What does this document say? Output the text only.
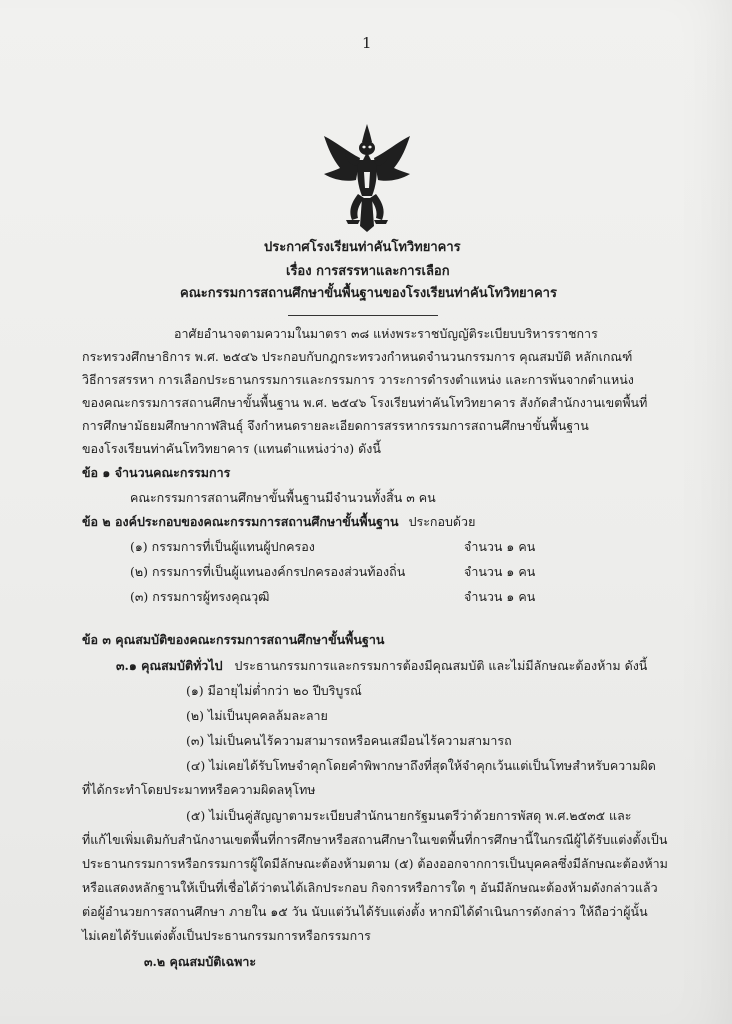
1
ประกาศโรงเรียนท่าคันโทวิทยาคาร
เรื่อง การสรรหาและการเลือก
คณะกรรมการสถานศึกษาขั้นพื้นฐานของโรงเรียนท่าคันโทวิทยาคาร
อาศัยอำนาจตามความในมาตรา ๓๘ แห่งพระราชบัญญัติระเบียบบริหารราชการ
กระทรวงศึกษาธิการ พ.ศ. ๒๕๔๖ ประกอบกับกฎกระทรวงกำหนดจำนวนกรรมการ คุณสมบัติ หลักเกณฑ์
วิธีการสรรหา การเลือกประธานกรรมการและกรรมการ วาระการดำรงตำแหน่ง และการพ้นจากตำแหน่ง
ของคณะกรรมการสถานศึกษาขั้นพื้นฐาน พ.ศ. ๒๕๔๖ โรงเรียนท่าคันโทวิทยาคาร สังกัดสำนักงานเขตพื้นที่
การศึกษามัธยมศึกษากาฬสินธุ์ จึงกำหนดรายละเอียดการสรรหากรรมการสถานศึกษาขั้นพื้นฐาน
ของโรงเรียนท่าคันโทวิทยาคาร (แทนตำแหน่งว่าง) ดังนี้
ข้อ ๑ จำนวนคณะกรรมการ
คณะกรรมการสถานศึกษาขั้นพื้นฐานมีจำนวนทั้งสิ้น ๓ คน
ข้อ ๒ องค์ประกอบของคณะกรรมการสถานศึกษาขั้นพื้นฐาน ประกอบด้วย
(๑) กรรมการที่เป็นผู้แทนผู้ปกครอง	จำนวน ๑ คน
(๒) กรรมการที่เป็นผู้แทนองค์กรปกครองส่วนท้องถิ่น	จำนวน ๑ คน
(๓) กรรมการผู้ทรงคุณวุฒิ	จำนวน ๑ คน
ข้อ ๓ คุณสมบัติของคณะกรรมการสถานศึกษาขั้นพื้นฐาน
๓.๑ คุณสมบัติทั่วไป ประธานกรรมการและกรรมการต้องมีคุณสมบัติ และไม่มีลักษณะต้องห้าม ดังนี้
(๑) มีอายุไม่ต่ำกว่า ๒๐ ปีบริบูรณ์
(๒) ไม่เป็นบุคคลล้มละลาย
(๓) ไม่เป็นคนไร้ความสามารถหรือคนเสมือนไร้ความสามารถ
(๔) ไม่เคยได้รับโทษจำคุกโดยคำพิพากษาถึงที่สุดให้จำคุกเว้นแต่เป็นโทษสำหรับความผิด
ที่ได้กระทำโดยประมาทหรือความผิดลหุโทษ
(๕) ไม่เป็นคู่สัญญาตามระเบียบสำนักนายกรัฐมนตรีว่าด้วยการพัสดุ พ.ศ.๒๕๓๕ และ
ที่แก้ไขเพิ่มเติมกับสำนักงานเขตพื้นที่การศึกษาหรือสถานศึกษาในเขตพื้นที่การศึกษานี้ในกรณีผู้ได้รับแต่งตั้งเป็น
ประธานกรรมการหรือกรรมการผู้ใดมีลักษณะต้องห้ามตาม (๕) ต้องออกจากการเป็นบุคคลซึ่งมีลักษณะต้องห้าม
หรือแสดงหลักฐานให้เป็นที่เชื่อได้ว่าตนได้เลิกประกอบ กิจการหรือการใด ๆ อันมีลักษณะต้องห้ามดังกล่าวแล้ว
ต่อผู้อำนวยการสถานศึกษา ภายใน ๑๕ วัน นับแต่วันได้รับแต่งตั้ง หากมิได้ดำเนินการดังกล่าว ให้ถือว่าผู้นั้น
ไม่เคยได้รับแต่งตั้งเป็นประธานกรรมการหรือกรรมการ
๓.๒ คุณสมบัติเฉพาะ
